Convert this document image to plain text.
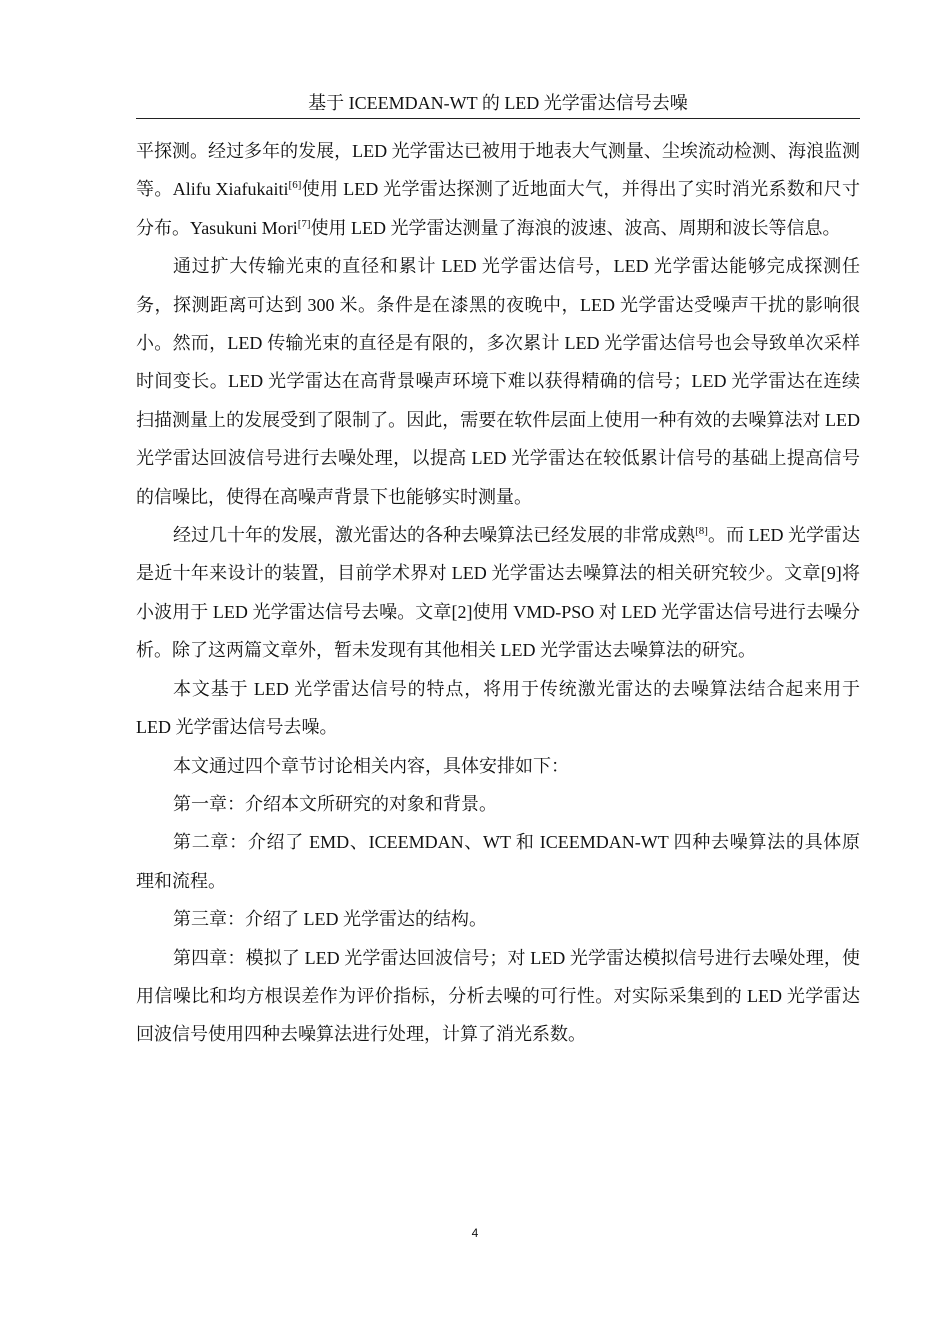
基于 ICEEMDAN-WT 的 LED 光学雷达信号去噪

平探测。经过多年的发展，LED 光学雷达已被用于地表大气测量、尘埃流动检测、海浪监测等。Alifu Xiafukaiti[6]使用 LED 光学雷达探测了近地面大气，并得出了实时消光系数和尺寸分布。Yasukuni Mori[7]使用 LED 光学雷达测量了海浪的波速、波高、周期和波长等信息。

通过扩大传输光束的直径和累计 LED 光学雷达信号，LED 光学雷达能够完成探测任务，探测距离可达到 300 米。条件是在漆黑的夜晚中，LED 光学雷达受噪声干扰的影响很小。然而，LED 传输光束的直径是有限的，多次累计 LED 光学雷达信号也会导致单次采样时间变长。LED 光学雷达在高背景噪声环境下难以获得精确的信号；LED 光学雷达在连续扫描测量上的发展受到了限制了。因此，需要在软件层面上使用一种有效的去噪算法对 LED 光学雷达回波信号进行去噪处理，以提高 LED 光学雷达在较低累计信号的基础上提高信号的信噪比，使得在高噪声背景下也能够实时测量。

经过几十年的发展，激光雷达的各种去噪算法已经发展的非常成熟[8]。而 LED 光学雷达是近十年来设计的装置，目前学术界对 LED 光学雷达去噪算法的相关研究较少。文章[9]将小波用于 LED 光学雷达信号去噪。文章[2]使用 VMD-PSO 对 LED 光学雷达信号进行去噪分析。除了这两篇文章外，暂未发现有其他相关 LED 光学雷达去噪算法的研究。

本文基于 LED 光学雷达信号的特点，将用于传统激光雷达的去噪算法结合起来用于 LED 光学雷达信号去噪。

本文通过四个章节讨论相关内容，具体安排如下：

第一章：介绍本文所研究的对象和背景。

第二章：介绍了 EMD、ICEEMDAN、WT 和 ICEEMDAN-WT 四种去噪算法的具体原理和流程。

第三章：介绍了 LED 光学雷达的结构。

第四章：模拟了 LED 光学雷达回波信号；对 LED 光学雷达模拟信号进行去噪处理，使用信噪比和均方根误差作为评价指标，分析去噪的可行性。对实际采集到的 LED 光学雷达回波信号使用四种去噪算法进行处理，计算了消光系数。

4
